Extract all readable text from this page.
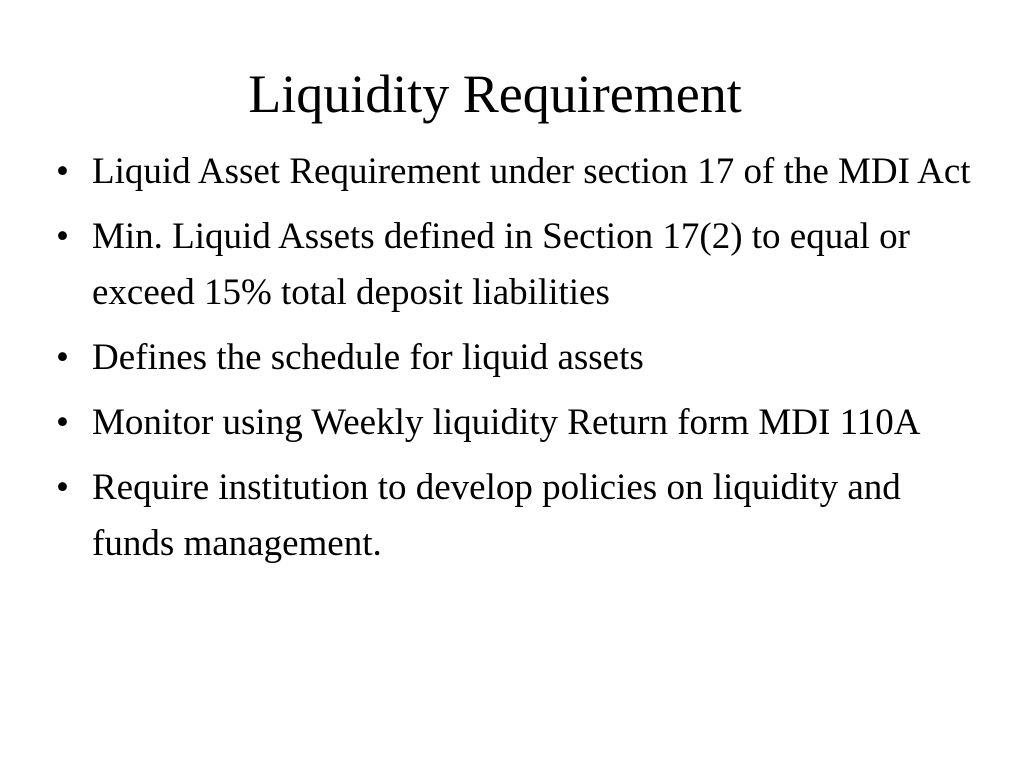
Liquidity Requirement
• Liquid Asset Requirement under section 17 of the MDI Act
• Min. Liquid Assets defined in Section 17(2) to equal or exceed 15% total deposit liabilities
• Defines the schedule for liquid assets
• Monitor using Weekly liquidity Return form MDI 110A
• Require institution to develop policies on liquidity and funds management.
